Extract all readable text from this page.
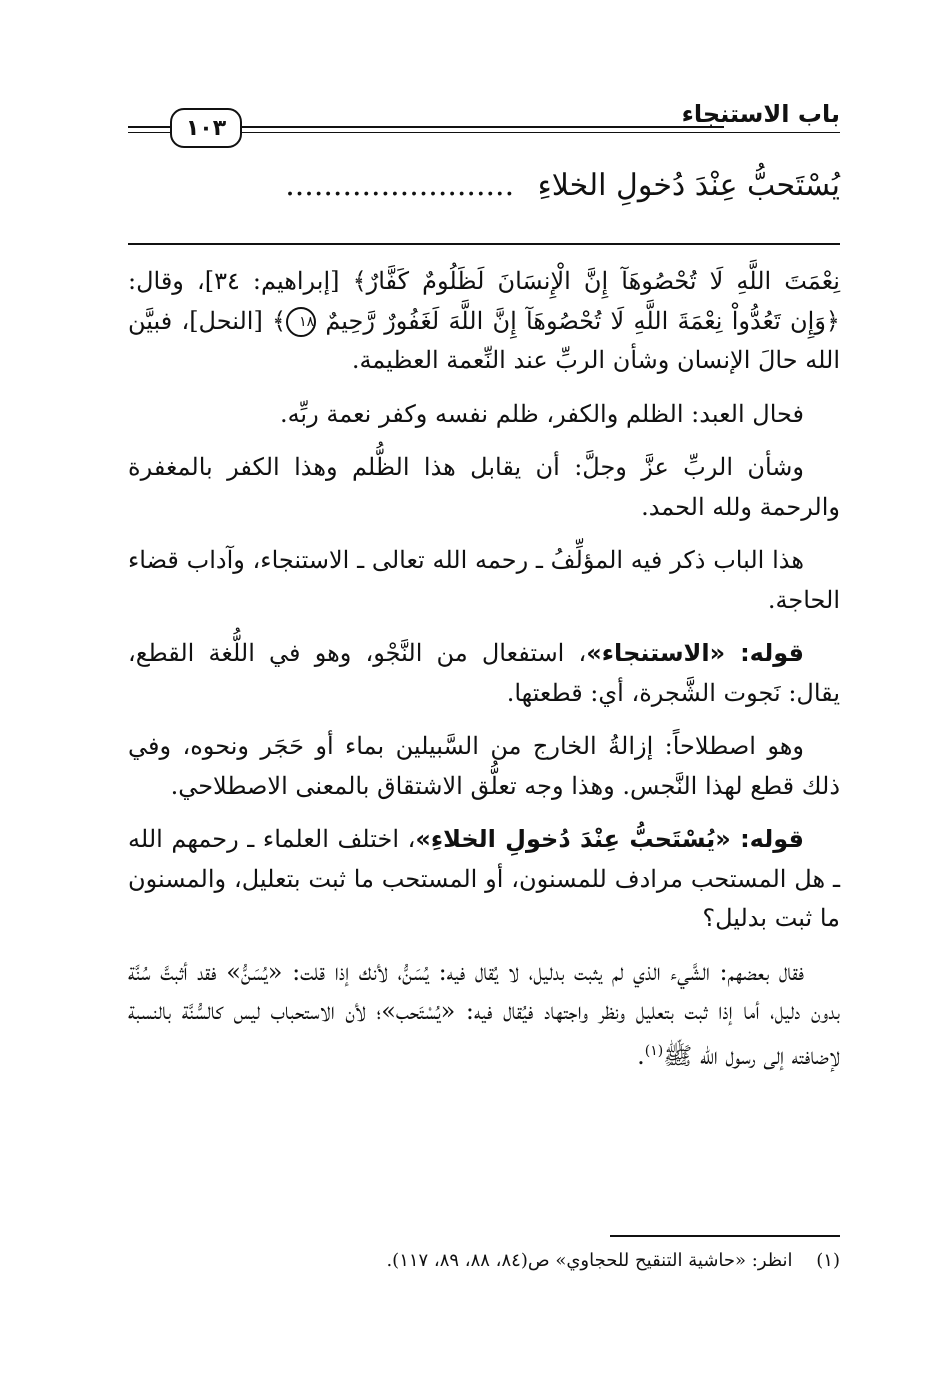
باب الاستنجاء
١٠٣
يُسْتَحبُّ عِنْدَ دُخولِ الخلاءِ ........................

نِعْمَتَ اللَّهِ لَا تُحْصُوهَآ إِنَّ الْإِنسَانَ لَظَلُومٌ كَفَّارٌ﴾ [إبراهيم: ٣٤]، وقال: ﴿وَإِن تَعُدُّواْ نِعْمَةَ اللَّهِ لَا تُحْصُوهَآ إِنَّ اللَّهَ لَغَفُورٌ رَّحِيمٌ ١٨﴾ [النحل]، فبيَّن الله حالَ الإنسان وشأن الربِّ عند النِّعمة العظيمة.

فحال العبد: الظلم والكفر، ظلم نفسه وكفر نعمة ربِّه.

وشأن الربِّ عزَّ وجلَّ: أن يقابل هذا الظُّلم وهذا الكفر بالمغفرة والرحمة ولله الحمد.

هذا الباب ذكر فيه المؤلِّفُ ـ رحمه الله تعالى ـ الاستنجاء، وآداب قضاء الحاجة.

قوله: «الاستنجاء»، استفعال من النَّجْو، وهو في اللُّغة القطع، يقال: نَجوت الشَّجرة، أي: قطعتها.

وهو اصطلاحاً: إزالةُ الخارج من السَّبيلين بماء أو حَجَر ونحوه، وفي ذلك قطع لهذا النَّجس. وهذا وجه تعلُّق الاشتقاق بالمعنى الاصطلاحي.

قوله: «يُسْتَحبُّ عِنْدَ دُخولِ الخلاءِ»، اختلف العلماء ـ رحمهم الله ـ هل المستحب مرادف للمسنون، أو المستحب ما ثبت بتعليل، والمسنون ما ثبت بدليل؟

فقال بعضهم: الشَّيء الذي لم يثبت بدليل، لا يُقال فيه: يُسَنُّ، لأنك إذا قلت: «يُسَنُّ» فقد أثبتَّ سُنَّة بدون دليل، أما إذا ثبت بتعليل ونظر واجتهاد فيُقال فيه: «يُسْتَحب»؛ لأن الاستحباب ليس كالسُّنَّة بالنسبة لإضافته إلى رسول الله ﷺ$^{(١)}$.

(١) انظر: «حاشية التنقيح للحجاوي» ص(٨٤، ٨٨، ٨٩، ١١٧).
